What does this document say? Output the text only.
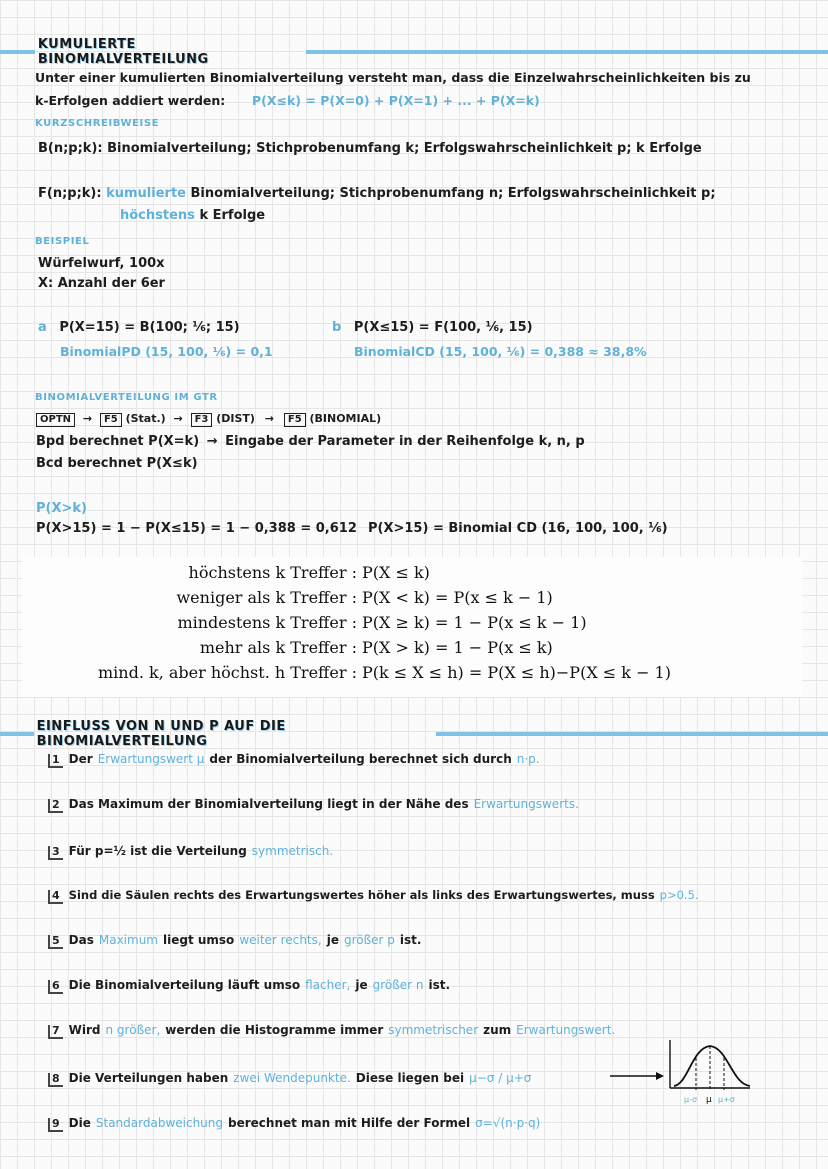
KUMULIERTE BINOMIALVERTEILUNG
Unter einer kumulierten Binomialverteilung versteht man, dass die Einzelwahrscheinlichkeiten bis zu
k-Erfolgen addiert werden: P(X≤k) = P(X=0) + P(X=1) + ... + P(X=k)
KURZSCHREIBWEISE
B(n;p;k): Binomialverteilung; Stichprobenumfang k; Erfolgswahrscheinlichkeit p; k Erfolge
F(n;p;k): kumulierte Binomialverteilung; Stichprobenumfang n; Erfolgswahrscheinlichkeit p;
höchstens k Erfolge
BEISPIEL
Würfelwurf, 100x
X: Anzahl der 6er
a P(X=15) = B(100; ⅙; 15)
BinomialPD (15, 100, ⅙) = 0,1
b P(X≤15) = F(100, ⅙, 15)
BinomialCD (15, 100, ⅙) = 0,388 ≈ 38,8%
BINOMIALVERTEILUNG IM GTR
OPTN → F5 (Stat.) → F3 (DIST) → F5 (BINOMIAL)
Bpd berechnet P(X=k) → Eingabe der Parameter in der Reihenfolge k, n, p
Bcd berechnet P(X≤k)
P(X>k)
P(X>15) = 1 − P(X≤15) = 1 − 0,388 = 0,612 P(X>15) = Binomial CD (16, 100, 100, ⅙)
höchstens k Treffer : P(X ≤ k)
weniger als k Treffer : P(X < k) = P(x ≤ k − 1)
mindestens k Treffer : P(X ≥ k) = 1 − P(x ≤ k − 1)
mehr als k Treffer : P(X > k) = 1 − P(x ≤ k)
mind. k, aber höchst. h Treffer : P(k ≤ X ≤ h) = P(X ≤ h)−P(X ≤ k − 1)
EINFLUSS VON N UND P AUF DIE BINOMIALVERTEILUNG
1 Der Erwartungswert μ der Binomialverteilung berechnet sich durch n·p.
2 Das Maximum der Binomialverteilung liegt in der Nähe des Erwartungswerts.
3 Für p=½ ist die Verteilung symmetrisch.
4 Sind die Säulen rechts des Erwartungswertes höher als links des Erwartungswertes, muss p>0.5.
5 Das Maximum liegt umso weiter rechts, je größer p ist.
6 Die Binomialverteilung läuft umso flacher, je größer n ist.
7 Wird n größer, werden die Histogramme immer symmetrischer zum Erwartungswert.
8 Die Verteilungen haben zwei Wendepunkte. Diese liegen bei μ−σ / μ+σ
9 Die Standardabweichung berechnet man mit Hilfe der Formel σ=√(n·p·q)
μ-σ μ μ+σ
